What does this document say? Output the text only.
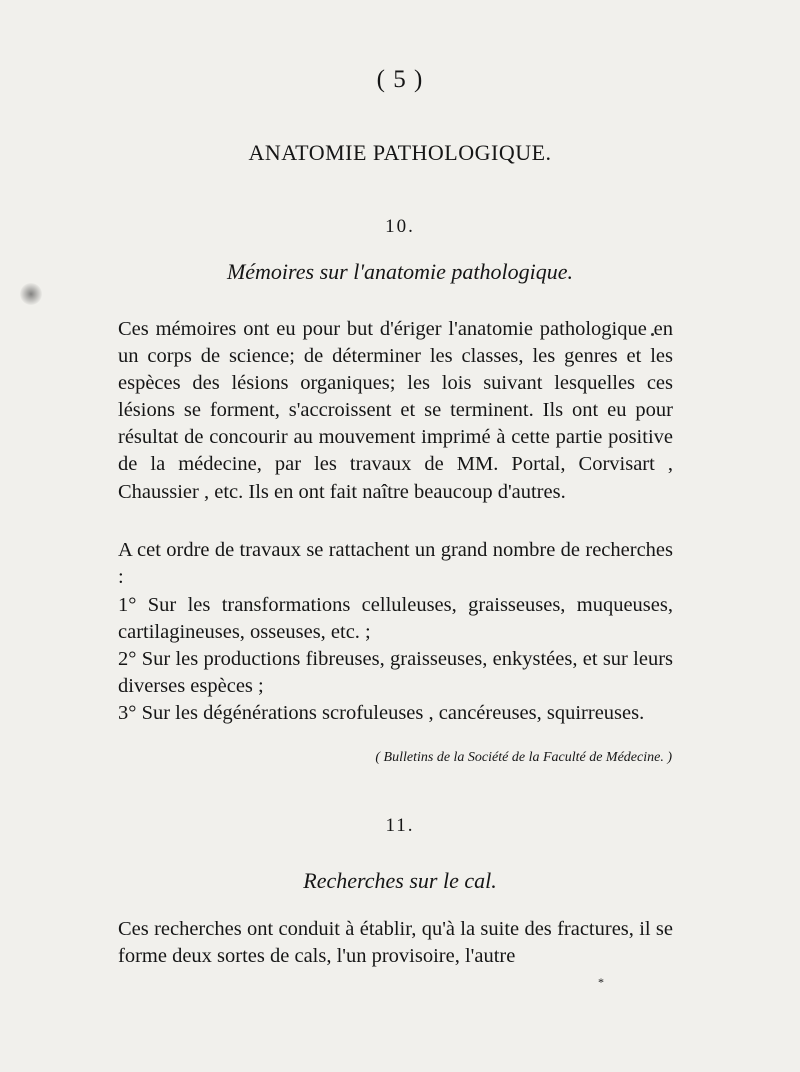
( 5 )
ANATOMIE PATHOLOGIQUE.
10.
Mémoires sur l'anatomie pathologique.

Ces mémoires ont eu pour but d'ériger l'anatomie pathologique en un corps de science; de déterminer les classes, les genres et les espèces des lésions organiques; les lois suivant lesquelles ces lésions se forment, s'accroissent et se terminent. Ils ont eu pour résultat de concourir au mouvement imprimé à cette partie positive de la médecine, par les travaux de MM. Portal, Corvisart , Chaussier , etc. Ils en ont fait naître beaucoup d'autres.

A cet ordre de travaux se rattachent un grand nombre de recherches :

1° Sur les transformations celluleuses, graisseuses, muqueuses, cartilagineuses, osseuses, etc. ;

2° Sur les productions fibreuses, graisseuses, enkystées, et sur leurs diverses espèces ;

3° Sur les dégénérations scrofuleuses , cancéreuses, squirreuses.

( Bulletins de la Société de la Faculté de Médecine. )
11.
Recherches sur le cal.

Ces recherches ont conduit à établir, qu'à la suite des fractures, il se forme deux sortes de cals, l'un provisoire, l'autre

*
